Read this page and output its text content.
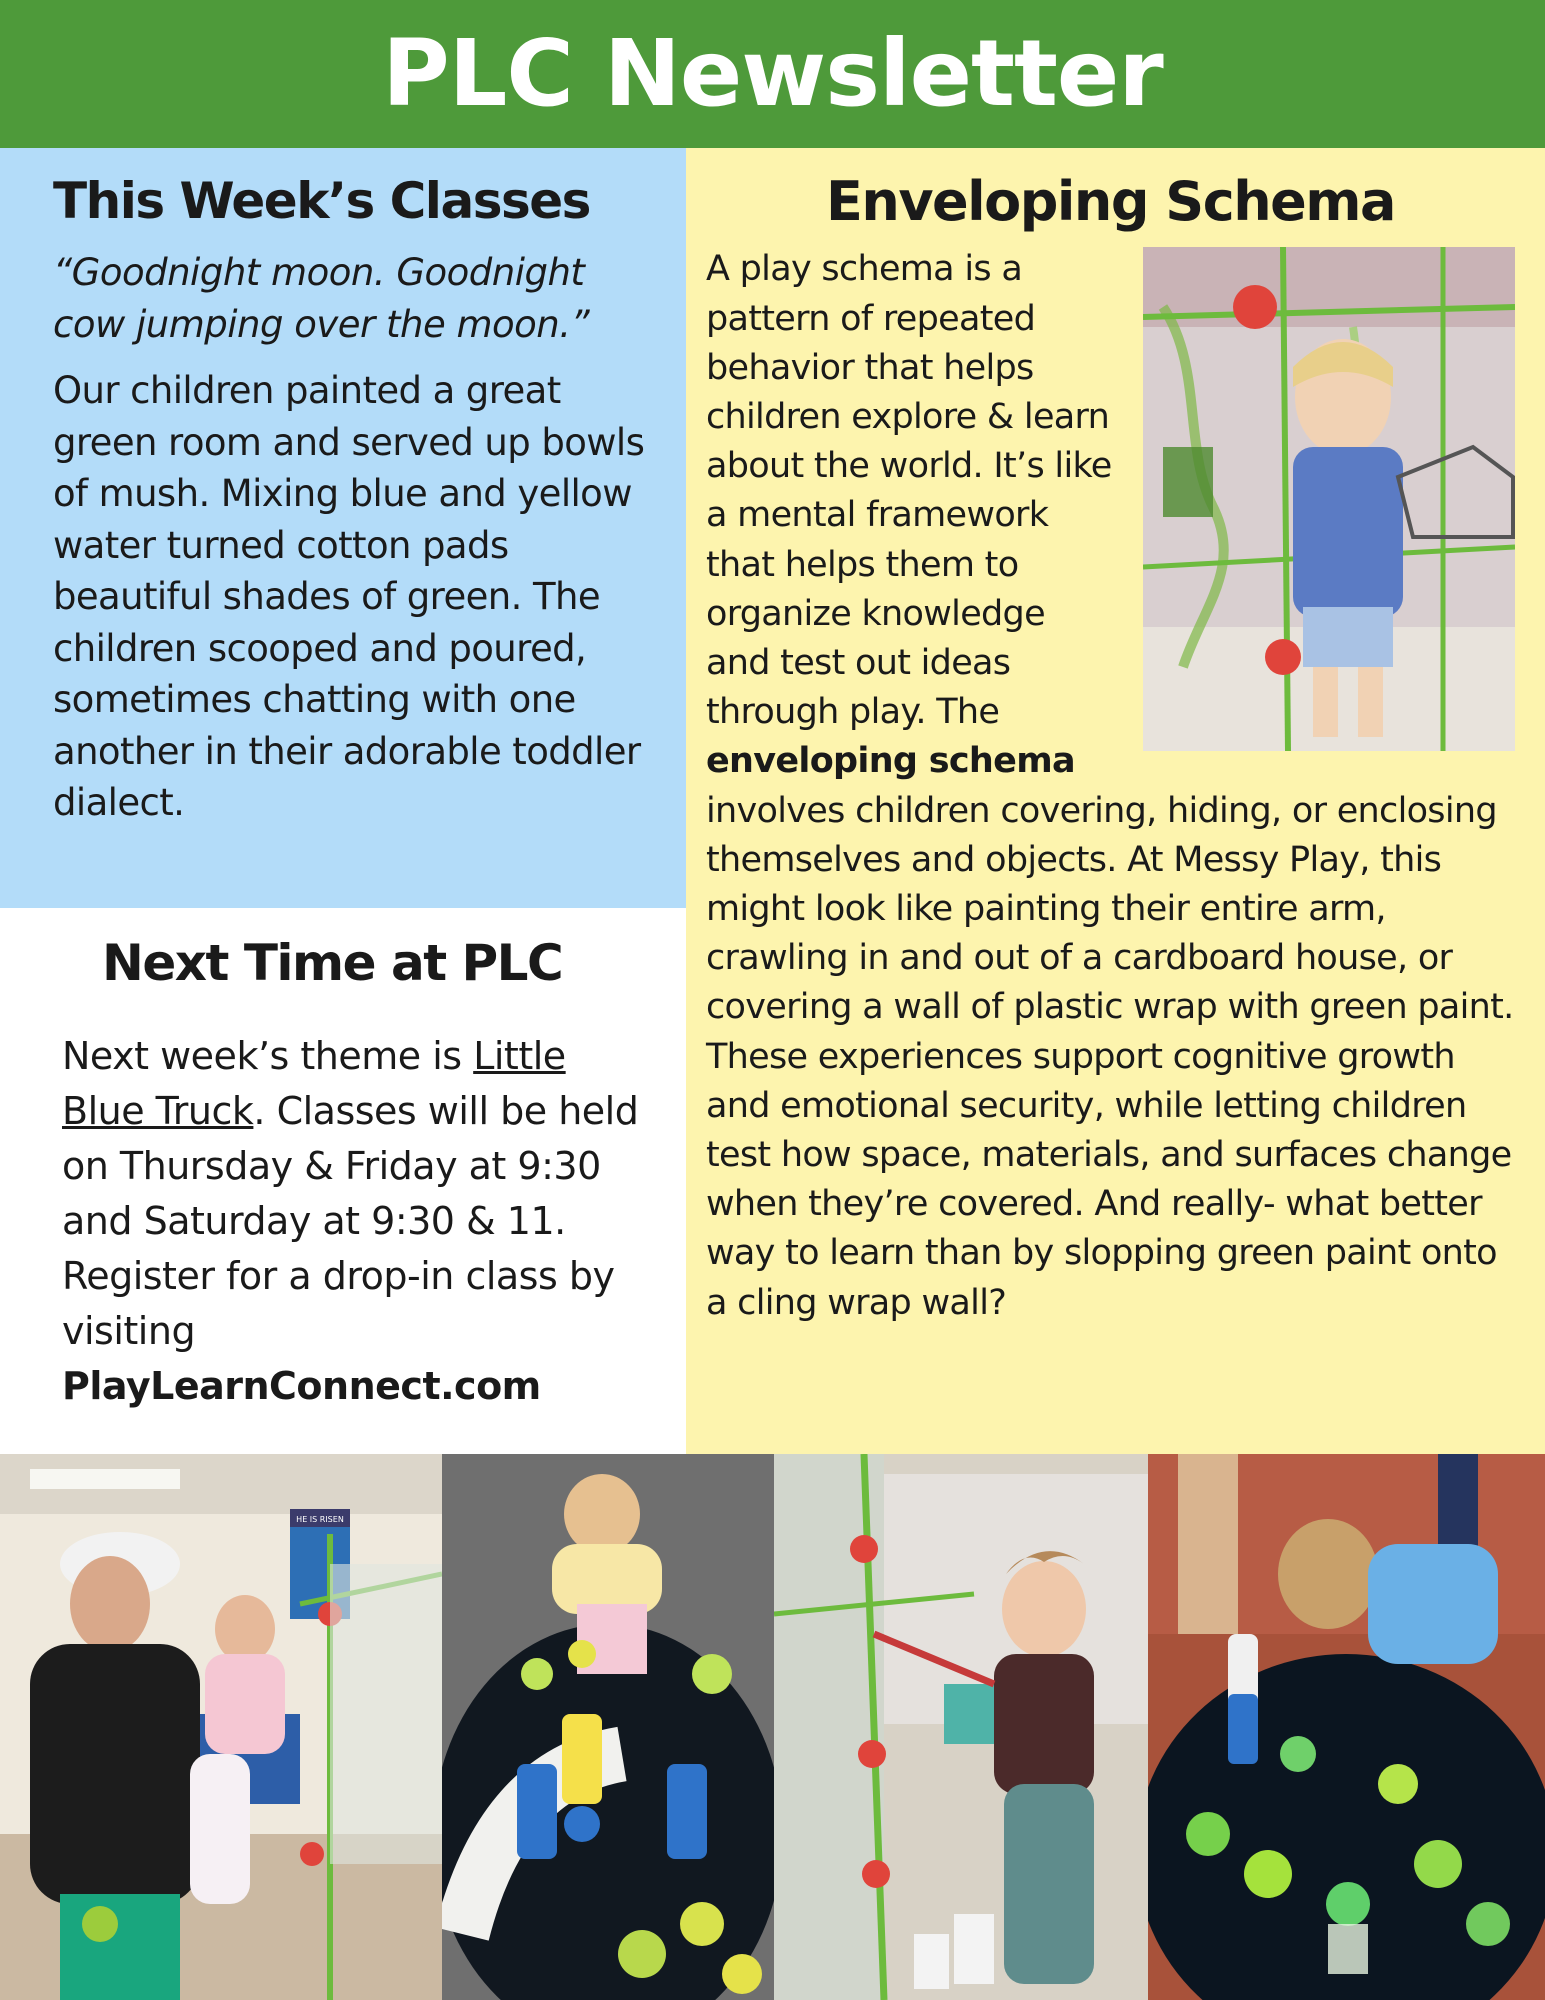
PLC Newsletter
This Week’s Classes

“Goodnight moon. Goodnight cow jumping over the moon.”

Our children painted a great green room and served up bowls of mush. Mixing blue and yellow water turned cotton pads beautiful shades of green. The children scooped and poured, sometimes chatting with one another in their adorable toddler dialect.

Next Time at PLC

Next week’s theme is Little Blue Truck. Classes will be held on Thursday & Friday at 9:30 and Saturday at 9:30 & 11. Register for a drop-in class by visiting PlayLearnConnect.com

Enveloping Schema

A play schema is a pattern of repeated behavior that helps children explore & learn about the world. It’s like a mental framework that helps them to organize knowledge and test out ideas through play. The enveloping schema involves children covering, hiding, or enclosing themselves and objects. At Messy Play, this might look like painting their entire arm, crawling in and out of a cardboard house, or covering a wall of plastic wrap with green paint. These experiences support cognitive growth and emotional security, while letting children test how space, materials, and surfaces change when they’re covered. And really- what better way to learn than by slopping green paint onto a cling wrap wall?

HE IS RISEN
